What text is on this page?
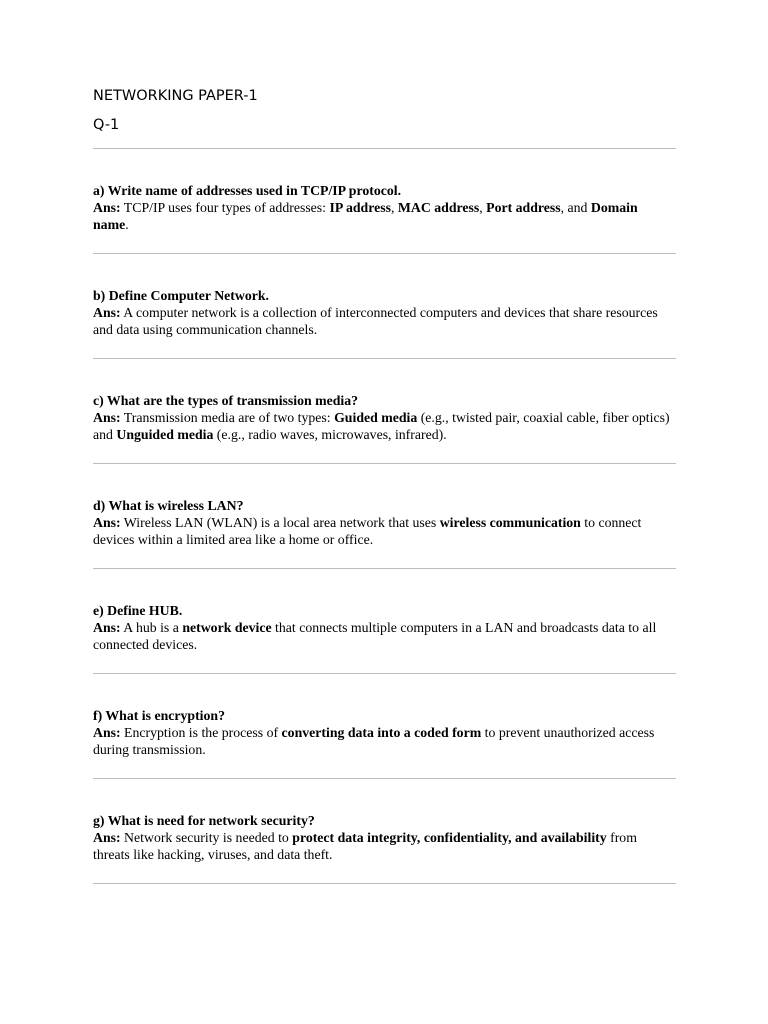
NETWORKING PAPER-1

Q-1

a) Write name of addresses used in TCP/IP protocol.

Ans: TCP/IP uses four types of addresses: IP address, MAC address, Port address, and Domain name.

b) Define Computer Network.

Ans: A computer network is a collection of interconnected computers and devices that share resources and data using communication channels.

c) What are the types of transmission media?

Ans: Transmission media are of two types: Guided media (e.g., twisted pair, coaxial cable, fiber optics) and Unguided media (e.g., radio waves, microwaves, infrared).

d) What is wireless LAN?

Ans: Wireless LAN (WLAN) is a local area network that uses wireless communication to connect devices within a limited area like a home or office.

e) Define HUB.

Ans: A hub is a network device that connects multiple computers in a LAN and broadcasts data to all connected devices.

f) What is encryption?

Ans: Encryption is the process of converting data into a coded form to prevent unauthorized access during transmission.

g) What is need for network security?

Ans: Network security is needed to protect data integrity, confidentiality, and availability from threats like hacking, viruses, and data theft.
